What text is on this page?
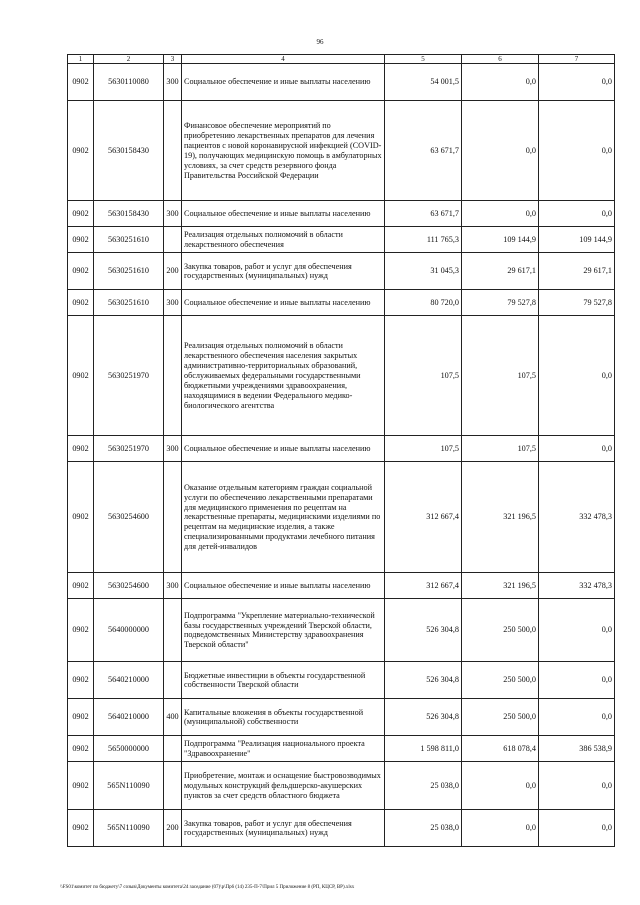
96
1	2	3	4	5	6	7
0902	5630110080	300	Социальное обеспечение и иные выплаты населению	54 001,5	0,0	0,0
0902	5630158430		Финансовое обеспечение мероприятий по приобретению лекарственных препаратов для лечения пациентов с новой коронавирусной инфекцией (COVID-19), получающих медицинскую помощь в амбулаторных условиях, за счет средств резервного фонда Правительства Российской Федерации	63 671,7	0,0	0,0
0902	5630158430	300	Социальное обеспечение и иные выплаты населению	63 671,7	0,0	0,0
0902	5630251610		Реализация отдельных полномочий в области лекарственного обеспечения	111 765,3	109 144,9	109 144,9
0902	5630251610	200	Закупка товаров, работ и услуг для обеспечения государственных (муниципальных) нужд	31 045,3	29 617,1	29 617,1
0902	5630251610	300	Социальное обеспечение и иные выплаты населению	80 720,0	79 527,8	79 527,8
0902	5630251970		Реализация отдельных полномочий в области лекарственного обеспечения населения закрытых административно-территориальных образований, обслуживаемых федеральными государственными бюджетными учреждениями здравоохранения, находящимися в ведении Федерального медико-биологического агентства	107,5	107,5	0,0
0902	5630251970	300	Социальное обеспечение и иные выплаты населению	107,5	107,5	0,0
0902	5630254600		Оказание отдельным категориям граждан социальной услуги по обеспечению лекарственными препаратами для медицинского применения по рецептам на лекарственные препараты, медицинскими изделиями по рецептам на медицинские изделия, а также специализированными продуктами лечебного питания для детей-инвалидов	312 667,4	321 196,5	332 478,3
0902	5630254600	300	Социальное обеспечение и иные выплаты населению	312 667,4	321 196,5	332 478,3
0902	5640000000		Подпрограмма "Укрепление материально-технической базы государственных учреждений Тверской области, подведомственных Министерству здравоохранения Тверской области"	526 304,8	250 500,0	0,0
0902	5640210000		Бюджетные инвестиции в объекты государственной собственности Тверской области	526 304,8	250 500,0	0,0
0902	5640210000	400	Капитальные вложения в объекты государственной (муниципальной) собственности	526 304,8	250 500,0	0,0
0902	5650000000		Подпрограмма "Реализация национального проекта "Здравоохранение"	1 598 811,0	618 078,4	386 538,9
0902	565N110090		Приобретение, монтаж и оснащение быстровозводимых модульных конструкций фельдшерско-акушерских пунктов за счет средств областного бюджета	25 038,0	0,0	0,0
0902	565N110090	200	Закупка товаров, работ и услуг для обеспечения государственных (муниципальных) нужд	25 038,0	0,0	0,0
\\FS01\комитет по бюджету\7 созыв\Документы комитета\24 заседание (07)\р\Пр6 (14) 235-П-7\Прил 5 Приложение 8 (РП, КЦСР, ВР).xlsx
